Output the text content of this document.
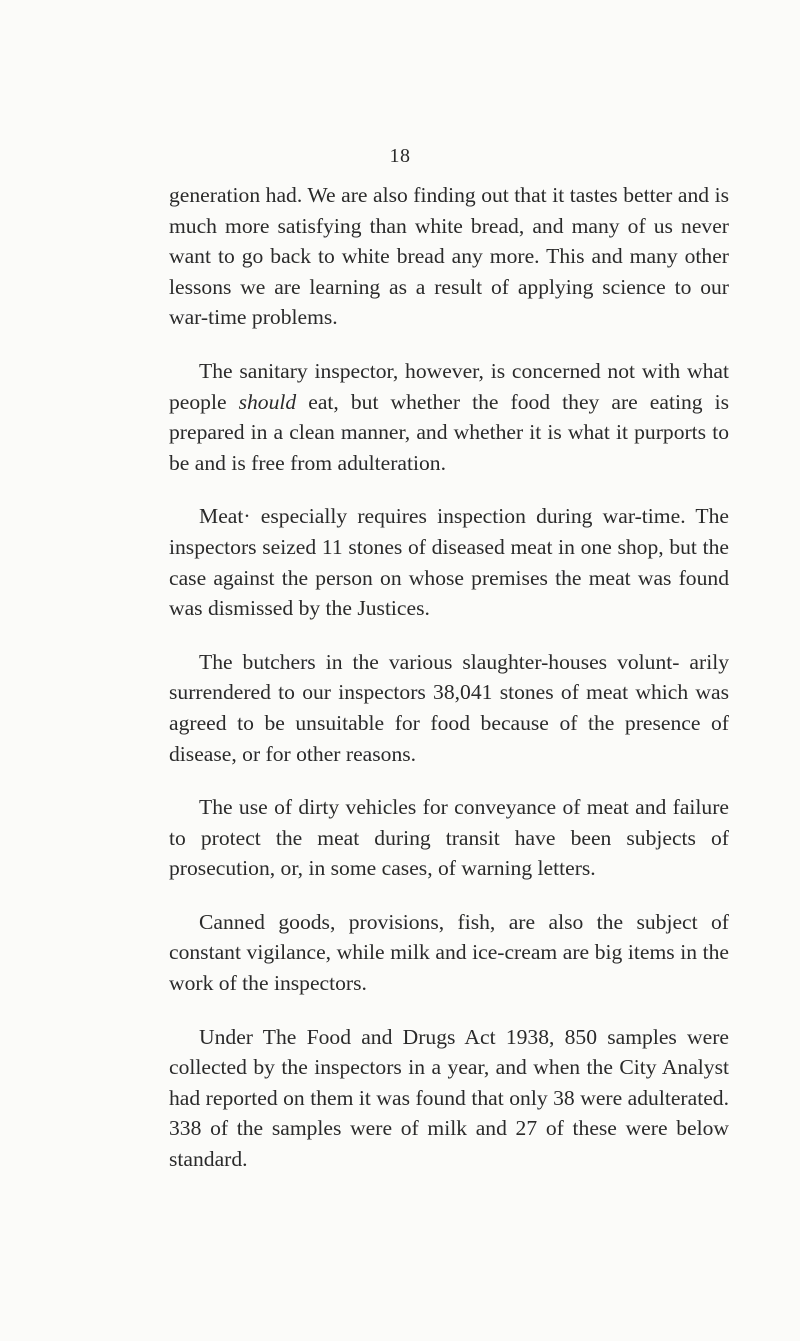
18

generation had. We are also finding out that it tastes better and is much more satisfying than white bread, and many of us never want to go back to white bread any more. This and many other lessons we are learning as a result of applying science to our war-time problems.

The sanitary inspector, however, is concerned not with what people should eat, but whether the food they are eating is prepared in a clean manner, and whether it is what it purports to be and is free from adulteration.

Meat· especially requires inspection during war-time. The inspectors seized 11 stones of diseased meat in one shop, but the case against the person on whose premises the meat was found was dismissed by the Justices.

The butchers in the various slaughter-houses volunt- arily surrendered to our inspectors 38,041 stones of meat which was agreed to be unsuitable for food because of the presence of disease, or for other reasons.

The use of dirty vehicles for conveyance of meat and failure to protect the meat during transit have been subjects of prosecution, or, in some cases, of warning letters.

Canned goods, provisions, fish, are also the subject of constant vigilance, while milk and ice-cream are big items in the work of the inspectors.

Under The Food and Drugs Act 1938, 850 samples were collected by the inspectors in a year, and when the City Analyst had reported on them it was found that only 38 were adulterated. 338 of the samples were of milk and 27 of these were below standard.
